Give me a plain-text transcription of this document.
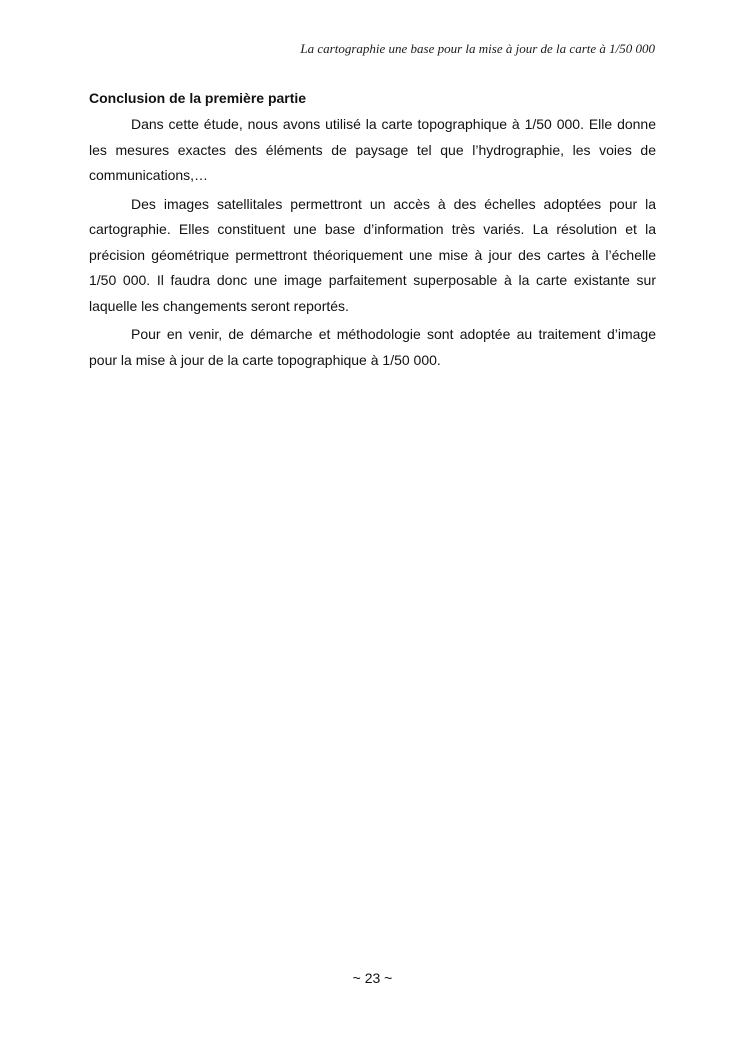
La cartographie une base pour la mise à jour de la carte à 1/50 000
Conclusion de la première partie

Dans cette étude, nous avons utilisé la carte topographique à 1/50 000. Elle donne les mesures exactes des éléments de paysage tel que l’hydrographie, les voies de communications,…

Des images satellitales permettront un accès à des échelles adoptées pour la cartographie. Elles constituent une base d’information très variés. La résolution et la précision géométrique permettront théoriquement une mise à jour des cartes à l’échelle 1/50 000. Il faudra donc une image parfaitement superposable à la carte existante sur laquelle les changements seront reportés.

Pour en venir, de démarche et méthodologie sont adoptée au traitement d’image pour la mise à jour de la carte topographique à 1/50 000.

~ 23 ~
